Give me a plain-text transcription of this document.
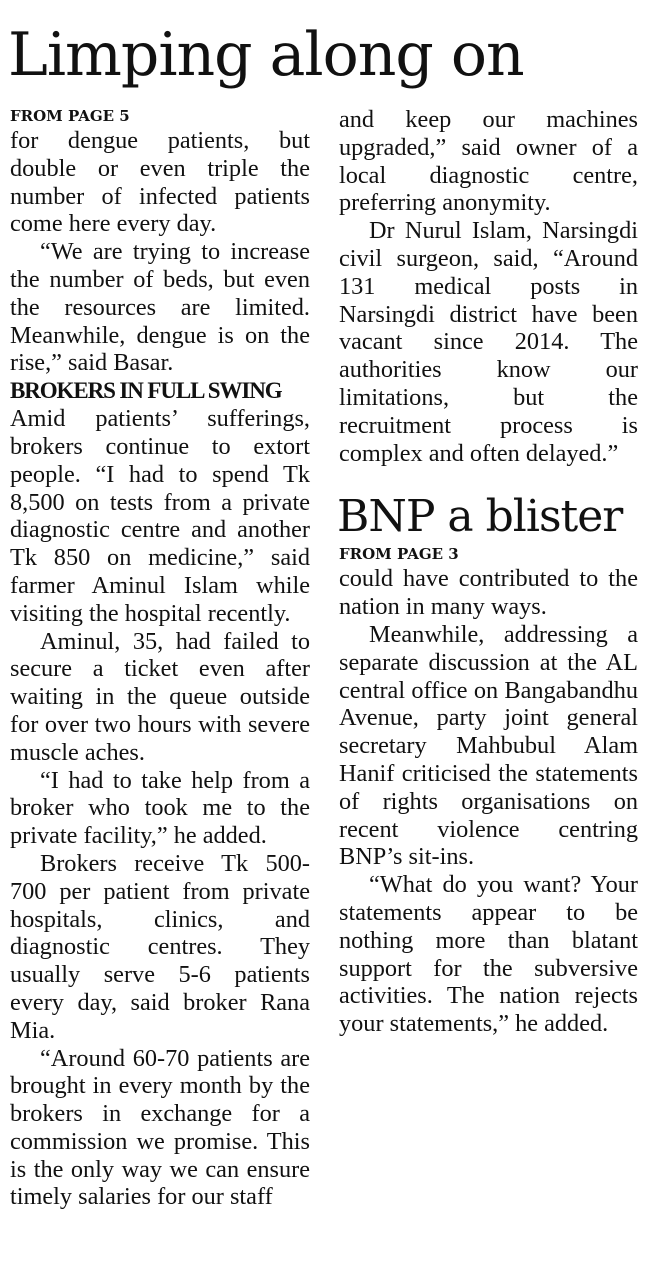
Limping along on
FROM PAGE 5

for dengue patients, but double or even triple the number of infected patients come here every day.

“We are trying to increase the number of beds, but even the resources are limited. Meanwhile, dengue is on the rise,” said Basar.

BROKERS IN FULL SWING

Amid patients’ sufferings, brokers continue to extort people. “I had to spend Tk 8,500 on tests from a private diagnostic centre and another Tk 850 on medicine,” said farmer Aminul Islam while visiting the hospital recently.

Aminul, 35, had failed to secure a ticket even after waiting in the queue outside for over two hours with severe muscle aches.

“I had to take help from a broker who took me to the private facility,” he added.

Brokers receive Tk 500-700 per patient from private hospitals, clinics, and diagnostic centres. They usually serve 5-6 patients every day, said broker Rana Mia.

“Around 60-70 patients are brought in every month by the brokers in exchange for a commission we promise. This is the only way we can ensure timely salaries for our staff

and keep our machines upgraded,” said owner of a local diagnostic centre, preferring anonymity.

Dr Nurul Islam, Narsingdi civil surgeon, said, “Around 131 medical posts in Narsingdi district have been vacant since 2014. The authorities know our limitations, but the recruitment process is complex and often delayed.”

BNP a blister
FROM PAGE 3

could have contributed to the nation in many ways.

Meanwhile, addressing a separate discussion at the AL central office on Bangabandhu Avenue, party joint general secretary Mahbubul Alam Hanif criticised the statements of rights organisations on recent violence centring BNP’s sit-ins.

“What do you want? Your statements appear to be nothing more than blatant support for the subversive activities. The nation rejects your statements,” he added.
